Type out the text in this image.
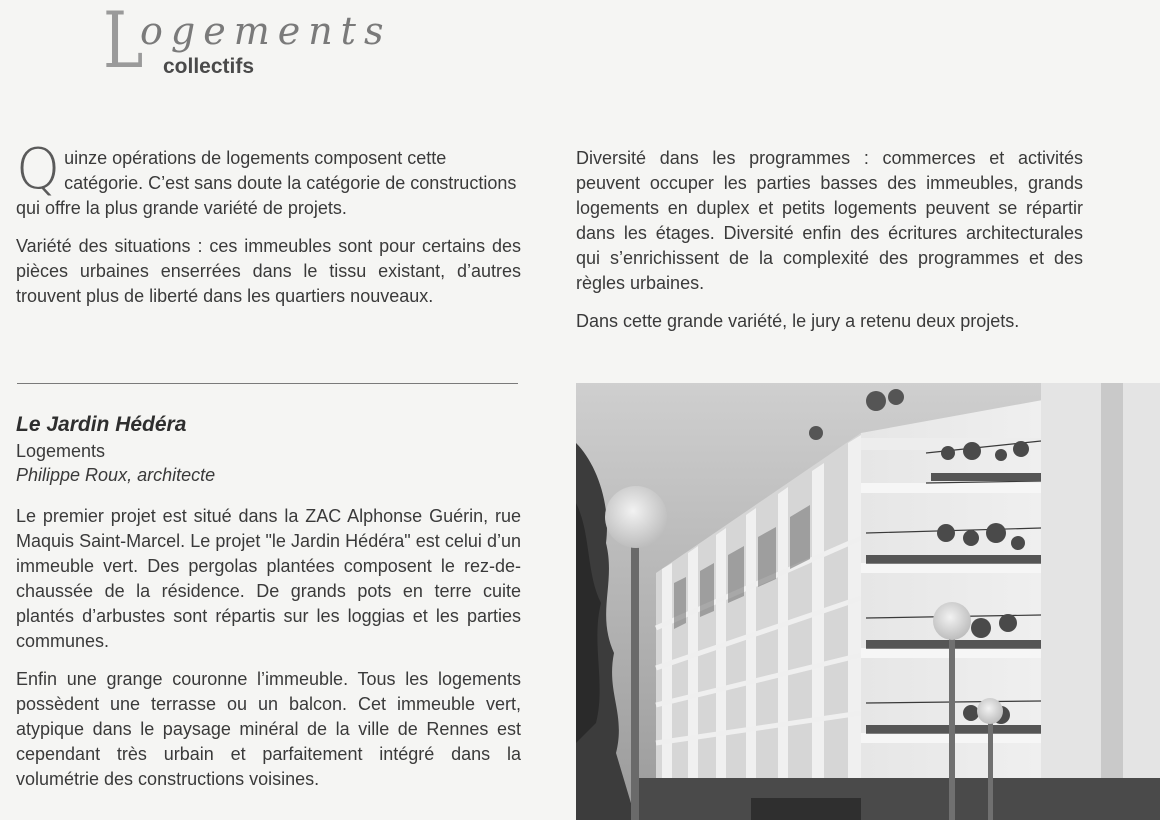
L
ogements
collectifs

Quinze opérations de logements composent cette catégorie. C’est sans doute la catégorie de constructions qui offre la plus grande variété de projets.

Variété des situations : ces immeubles sont pour certains des pièces urbaines enserrées dans le tissu existant, d’autres trouvent plus de liberté dans les quartiers nouveaux.

Diversité dans les programmes : commerces et activités peuvent occuper les parties basses des immeubles, grands logements en duplex et petits logements peuvent se répartir dans les étages. Diversité enfin des écritures architecturales qui s’enrichissent de la complexité des programmes et des règles urbaines.

Dans cette grande variété, le jury a retenu deux projets.

Le Jardin Hédéra
Logements
Philippe Roux, architecte

Le premier projet est situé dans la ZAC Alphonse Guérin, rue Maquis Saint-Marcel. Le projet "le Jardin Hédéra" est celui d’un immeuble vert. Des pergolas plantées composent le rez-de-chaussée de la résidence. De grands pots en terre cuite plantés d’arbustes sont répartis sur les loggias et les parties communes.

Enfin une grange couronne l’immeuble. Tous les logements possèdent une terrasse ou un balcon. Cet immeuble vert, atypique dans le paysage minéral de la ville de Rennes est cependant très urbain et parfaitement intégré dans la volumétrie des constructions voisines.
